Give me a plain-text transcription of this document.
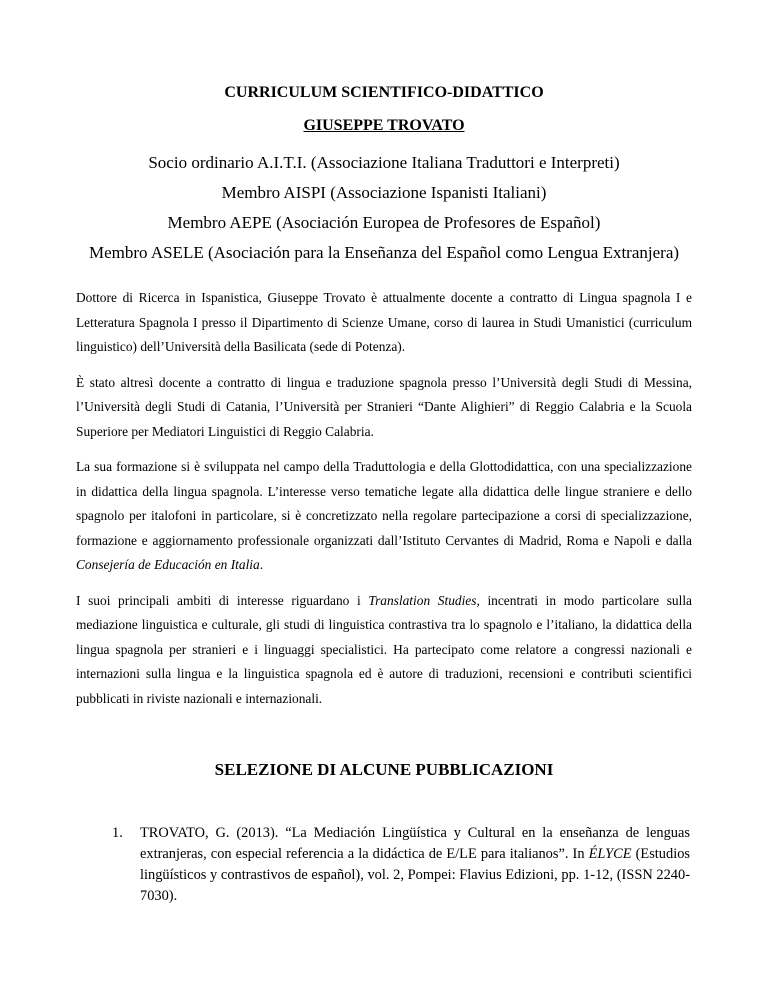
CURRICULUM SCIENTIFICO-DIDATTICO
GIUSEPPE TROVATO
Socio ordinario A.I.T.I. (Associazione Italiana Traduttori e Interpreti)
Membro AISPI (Associazione Ispanisti Italiani)
Membro AEPE (Asociación Europea de Profesores de Español)
Membro ASELE (Asociación para la Enseñanza del Español como Lengua Extranjera)

Dottore di Ricerca in Ispanistica, Giuseppe Trovato è attualmente docente a contratto di Lingua spagnola I e Letteratura Spagnola I presso il Dipartimento di Scienze Umane, corso di laurea in Studi Umanistici (curriculum linguistico) dell’Università della Basilicata (sede di Potenza).

È stato altresì docente a contratto di lingua e traduzione spagnola presso l’Università degli Studi di Messina, l’Università degli Studi di Catania, l’Università per Stranieri “Dante Alighieri” di Reggio Calabria e la Scuola Superiore per Mediatori Linguistici di Reggio Calabria.

La sua formazione si è sviluppata nel campo della Traduttologia e della Glottodidattica, con una specializzazione in didattica della lingua spagnola. L’interesse verso tematiche legate alla didattica delle lingue straniere e dello spagnolo per italofoni in particolare, si è concretizzato nella regolare partecipazione a corsi di specializzazione, formazione e aggiornamento professionale organizzati dall’Istituto Cervantes di Madrid, Roma e Napoli e dalla Consejería de Educación en Italia.

I suoi principali ambiti di interesse riguardano i Translation Studies, incentrati in modo particolare sulla mediazione linguistica e culturale, gli studi di linguistica contrastiva tra lo spagnolo e l’italiano, la didattica della lingua spagnola per stranieri e i linguaggi specialistici. Ha partecipato come relatore a congressi nazionali e internazioni sulla lingua e la linguistica spagnola ed è autore di traduzioni, recensioni e contributi scientifici pubblicati in riviste nazionali e internazionali.

SELEZIONE DI ALCUNE PUBBLICAZIONI
1. TROVATO, G. (2013). “La Mediación Lingüística y Cultural en la enseñanza de lenguas extranjeras, con especial referencia a la didáctica de E/LE para italianos”. In ÉLYCE (Estudios lingüísticos y contrastivos de español), vol. 2, Pompei: Flavius Edizioni, pp. 1-12, (ISSN 2240-7030).
